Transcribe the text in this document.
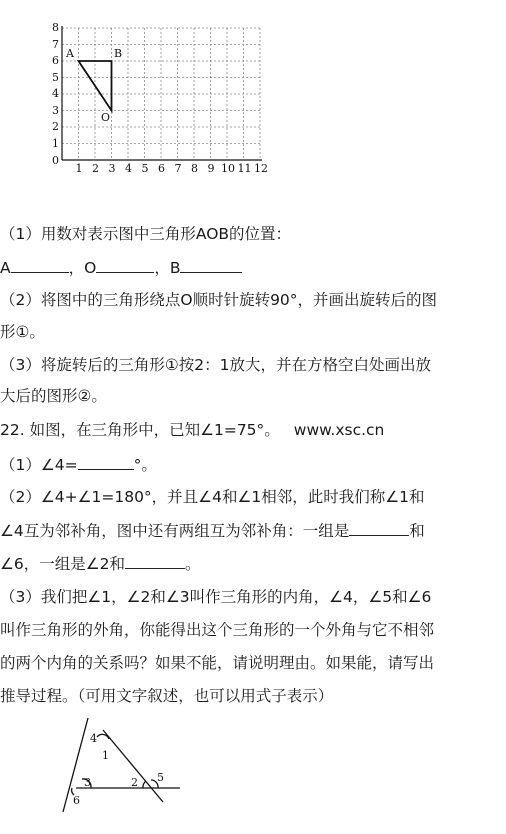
8
7
6
5
4
3
2
1
0
1 2 3 4 5 6 7 8 9 10 11 12
A	B
O
（1）用数对表示图中三角形AOB的位置：
A	，O	，B
（2）将图中的三角形绕点O顺时针旋转90°，并画出旋转后的图
形①。
（3）将旋转后的三角形①按2：1放大，并在方格空白处画出放
大后的图形②。
22. 如图，在三角形中，已知∠1=75°。 www.xsc.cn
（1）∠4=	°。
（2）∠4+∠1=180°，并且∠4和∠1相邻，此时我们称∠1和
∠4互为邻补角，图中还有两组互为邻补角：一组是	和
∠6，一组是∠2和	。
（3）我们把∠1，∠2和∠3叫作三角形的内角，∠4，∠5和∠6
叫作三角形的外角，你能得出这个三角形的一个外角与它不相邻
的两个内角的关系吗？如果不能，请说明理由。如果能，请写出
推导过程。（可用文字叙述，也可以用式子表示）
4
1
3	2 5
6
